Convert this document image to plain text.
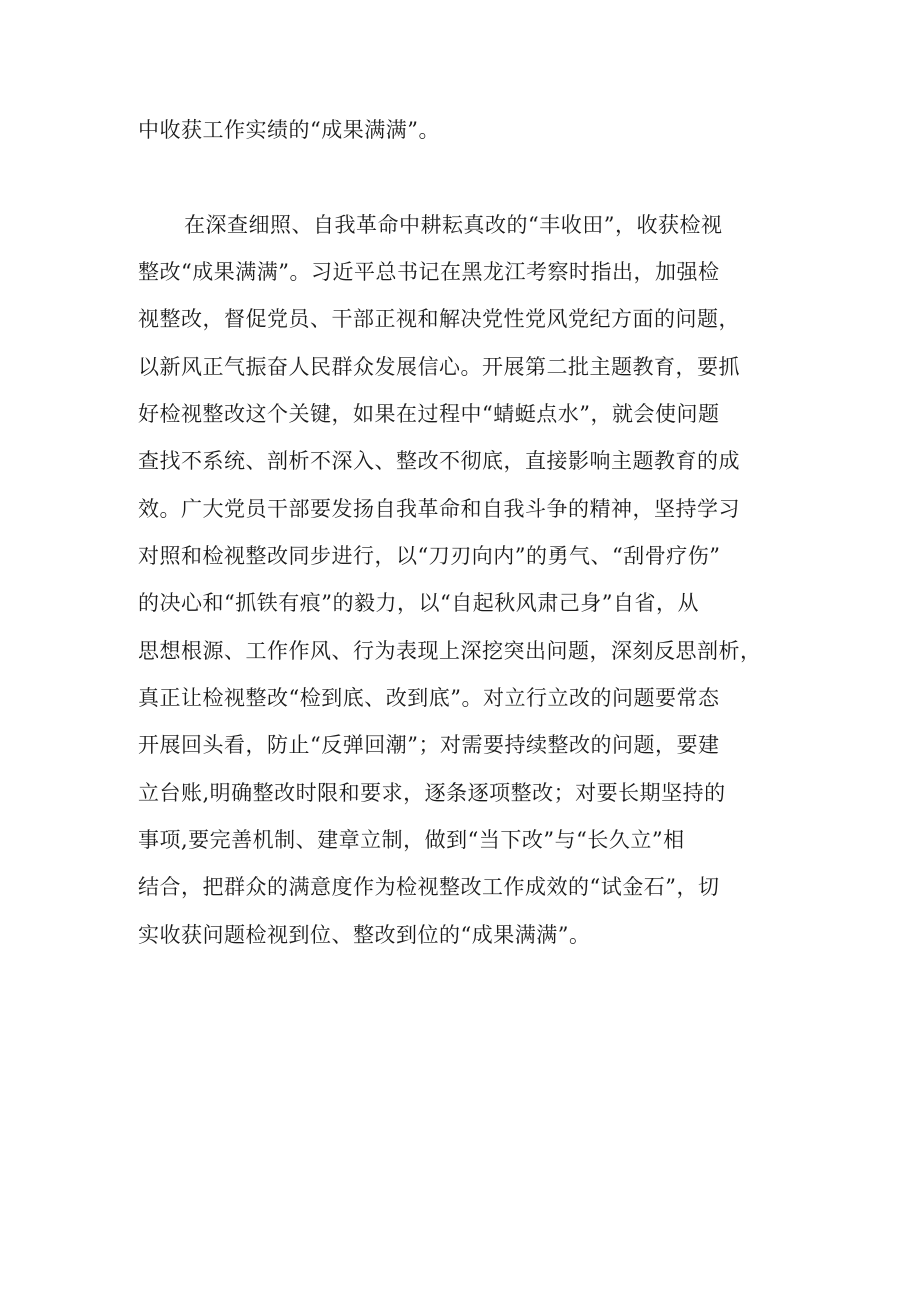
中收获工作实绩的“成果满满”。
在深查细照、自我革命中耕耘真改的“丰收田”，收获检视
整改“成果满满”。习近平总书记在黑龙江考察时指出，加强检
视整改，督促党员、干部正视和解决党性党风党纪方面的问题，
以新风正气振奋人民群众发展信心。开展第二批主题教育，要抓
好检视整改这个关键，如果在过程中“蜻蜓点水”，就会使问题
查找不系统、剖析不深入、整改不彻底，直接影响主题教育的成
效。广大党员干部要发扬自我革命和自我斗争的精神，坚持学习
对照和检视整改同步进行，以“刀刃向内”的勇气、“刮骨疗伤”
的决心和“抓铁有痕”的毅力，以“自起秋风肃己身”自省，从
思想根源、工作作风、行为表现上深挖突出问题，深刻反思剖析，
真正让检视整改“检到底、改到底”。对立行立改的问题要常态
开展回头看，防止“反弹回潮”；对需要持续整改的问题，要建
立台账,明确整改时限和要求，逐条逐项整改；对要长期坚持的
事项,要完善机制、建章立制，做到“当下改”与“长久立”相
结合，把群众的满意度作为检视整改工作成效的“试金石”，切
实收获问题检视到位、整改到位的“成果满满”。
